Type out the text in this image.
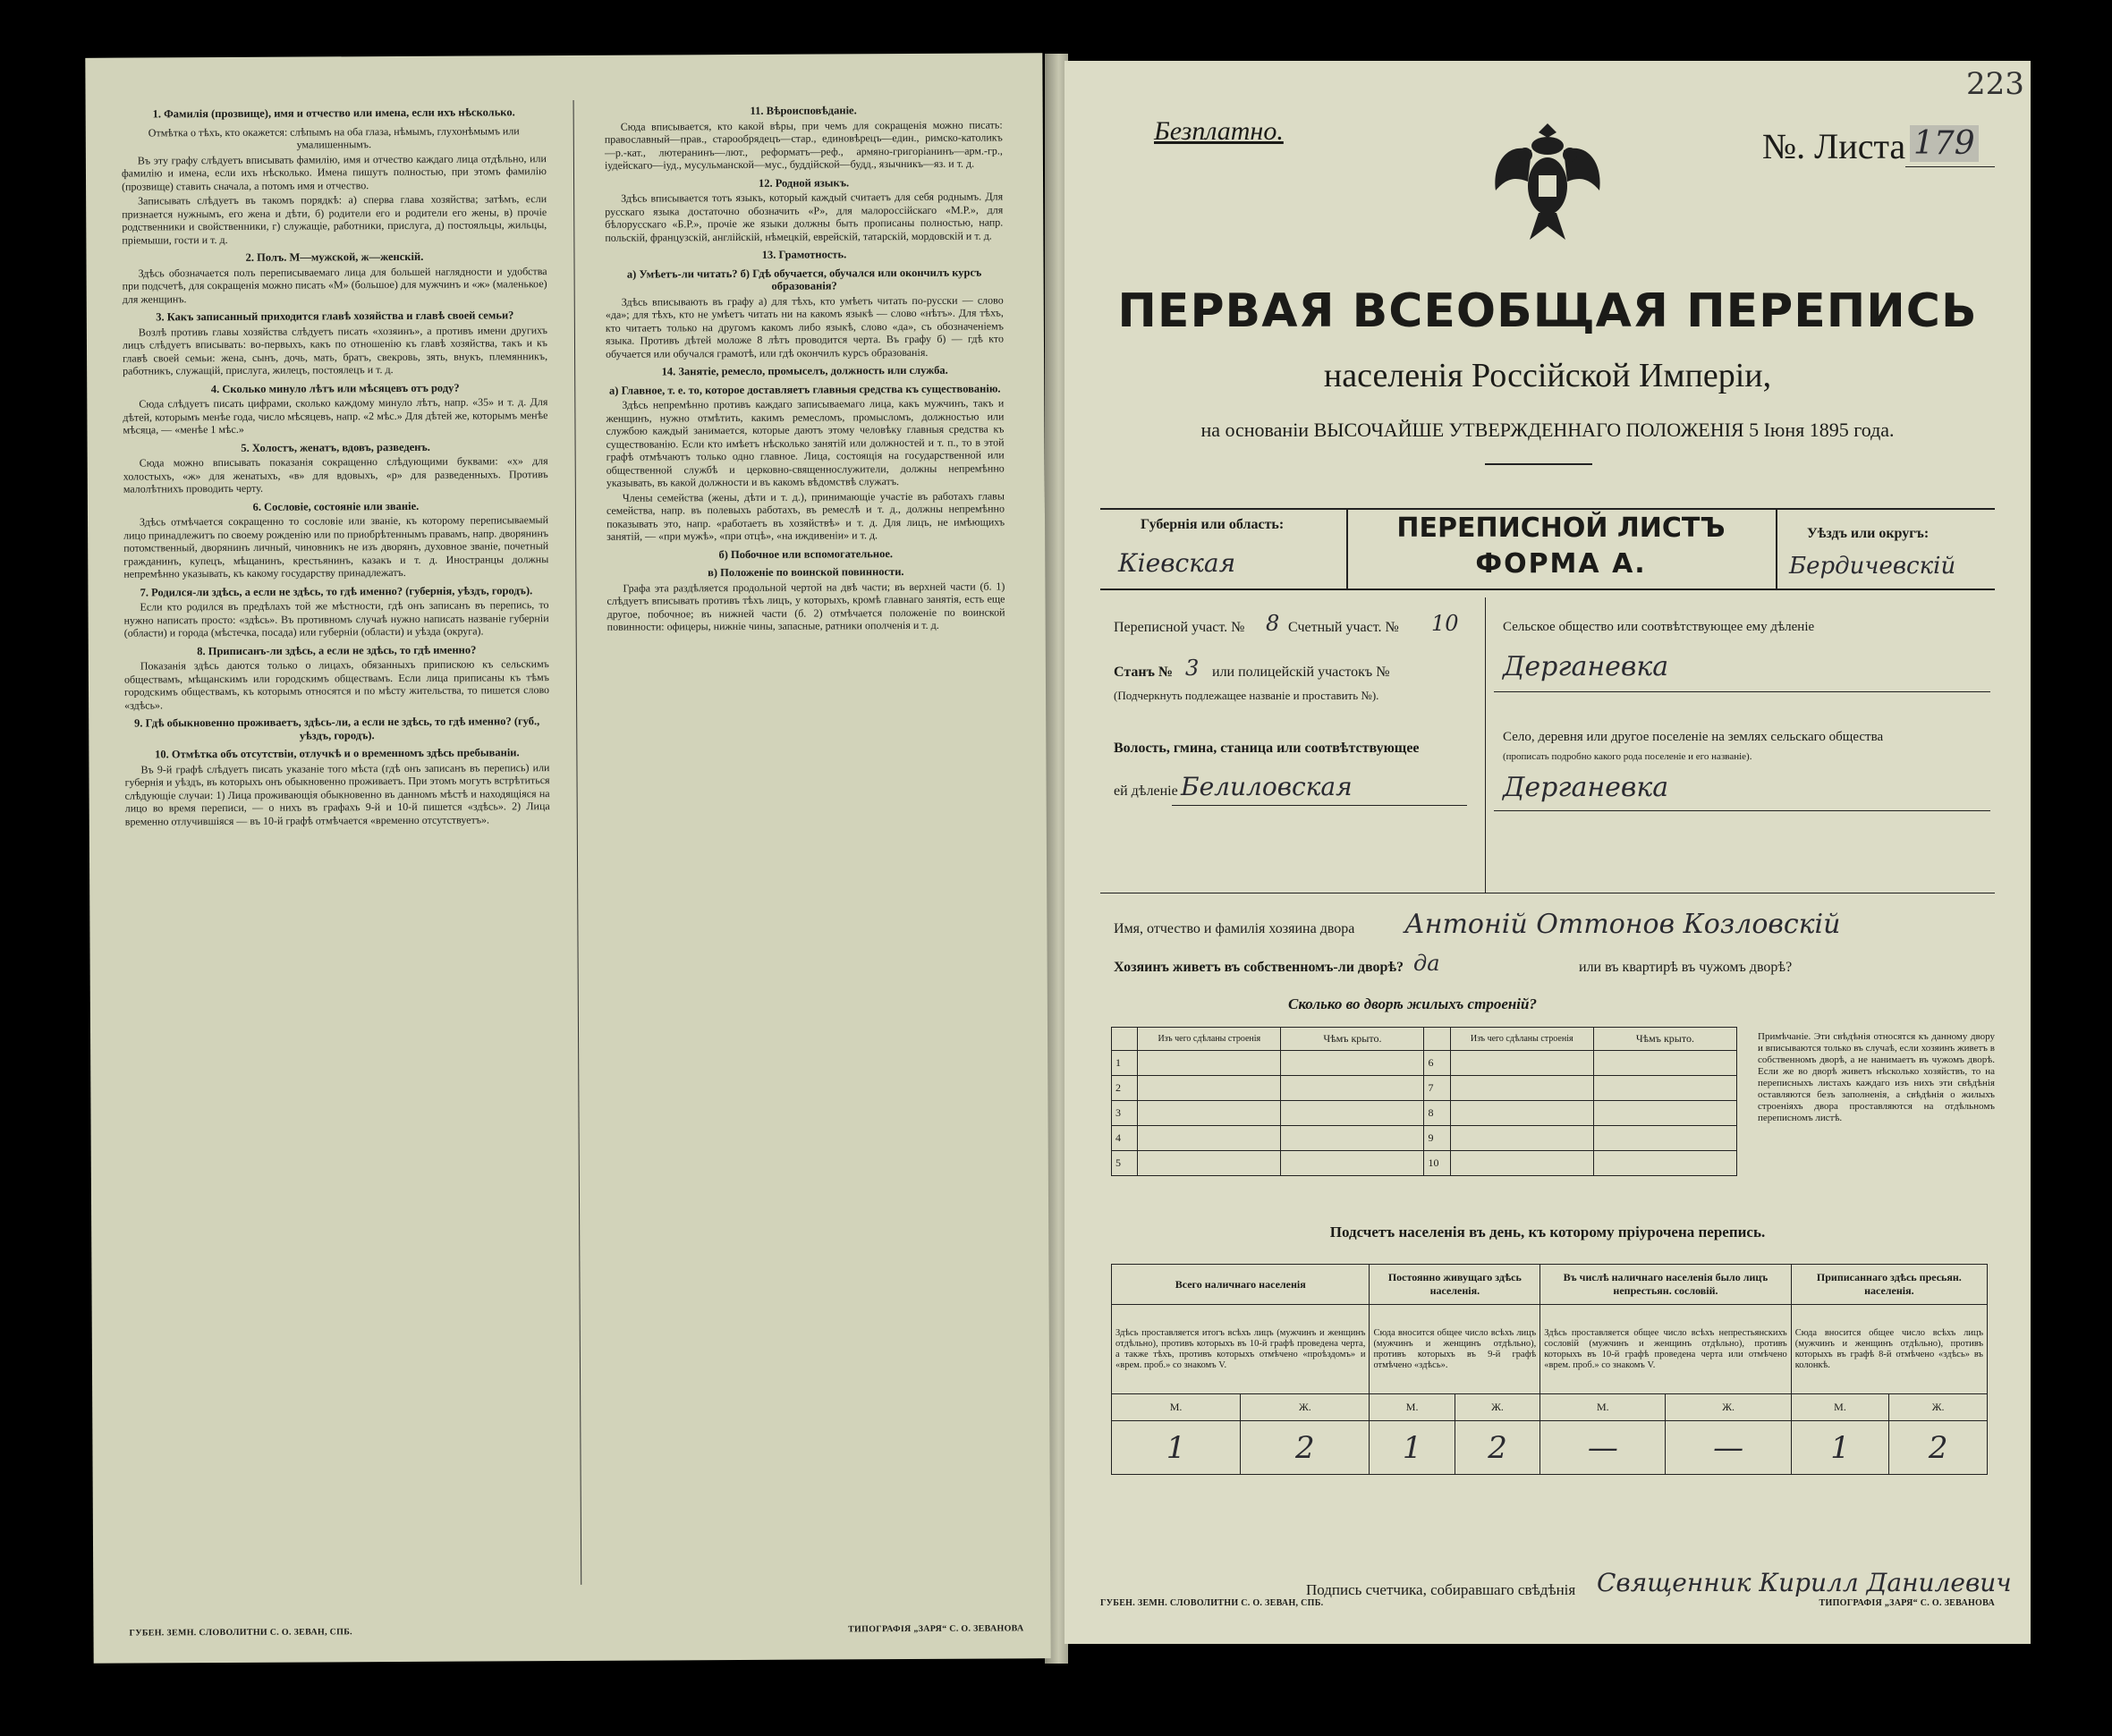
1. Фамилія (прозвище), имя и отчество или имена, если ихъ нѣсколько.
Отмѣтка о тѣхъ, кто окажется: слѣпымъ на оба глаза, нѣмымъ, глухонѣмымъ или умалишеннымъ.

Въ эту графу слѣдуетъ вписывать фамилію, имя и отчество каждаго лица отдѣльно, или фамилію и имена, если ихъ нѣсколько. Имена пишутъ полностью, при этомъ фамилію (прозвище) ставить сначала, а потомъ имя и отчество.

Записывать слѣдуетъ въ такомъ порядкѣ: а) сперва глава хозяйства; затѣмъ, если признается нужнымъ, его жена и дѣти, б) родители его и родители его жены, в) прочіе родственники и свойственники, г) служащіе, работники, прислуга, д) постояльцы, жильцы, пріемыши, гости и т. д.

2. Полъ. М—мужской, ж—женскій.

Здѣсь обозначается полъ переписываемаго лица для большей наглядности и удобства при подсчетѣ, для сокращенія можно писать «М» (большое) для мужчинъ и «ж» (маленькое) для женщинъ.

3. Какъ записанный приходится главѣ хозяйства и главѣ своей семьи?

Возлѣ противъ главы хозяйства слѣдуетъ писать «хозяинъ», а противъ имени другихъ лицъ слѣдуетъ вписывать: во-первыхъ, какъ по отношенію къ главѣ хозяйства, такъ и къ главѣ своей семьи: жена, сынъ, дочь, мать, братъ, свекровь, зять, внукъ, племянникъ, работникъ, служащій, прислуга, жилецъ, постоялецъ и т. д.

4. Сколько минуло лѣтъ или мѣсяцевъ отъ роду?

Сюда слѣдуетъ писать цифрами, сколько каждому минуло лѣтъ, напр. «35» и т. д. Для дѣтей, которымъ менѣе года, число мѣсяцевъ, напр. «2 мѣс.» Для дѣтей же, которымъ менѣе мѣсяца, — «менѣе 1 мѣс.»

5. Холостъ, женатъ, вдовъ, разведенъ.

Сюда можно вписывать показанія сокращенно слѣдующими буквами: «х» для холостыхъ, «ж» для женатыхъ, «в» для вдовыхъ, «р» для разведенныхъ. Противъ малолѣтнихъ проводить черту.

6. Сословіе, состояніе или званіе.

Здѣсь отмѣчается сокращенно то сословіе или званіе, къ которому переписываемый лицо принадлежитъ по своему рожденію или по приобрѣтеннымъ правамъ, напр. дворянинъ потомственный, дворянинъ личный, чиновникъ не изъ дворянъ, духовное званіе, почетный гражданинъ, купецъ, мѣщанинъ, крестьянинъ, казакъ и т. д. Иностранцы должны непремѣнно указывать, къ какому государству принадлежатъ.

7. Родился-ли здѣсь, а если не здѣсь, то гдѣ именно? (губернія, уѣздъ, городъ).

Если кто родился въ предѣлахъ той же мѣстности, гдѣ онъ записанъ въ перепись, то нужно написать просто: «здѣсь». Въ противномъ случаѣ нужно написать названіе губерніи (области) и города (мѣстечка, посада) или губерніи (области) и уѣзда (округа).

8. Приписанъ-ли здѣсь, а если не здѣсь, то гдѣ именно?

Показанія здѣсь даются только о лицахъ, обязанныхъ припискою къ сельскимъ обществамъ, мѣщанскимъ или городскимъ обществамъ. Если лица приписаны къ тѣмъ городскимъ обществамъ, къ которымъ относятся и по мѣсту жительства, то пишется слово «здѣсь».

9. Гдѣ обыкновенно проживаетъ, здѣсь-ли, а если не здѣсь, то гдѣ именно? (губ., уѣздъ, городъ).
10. Отмѣтка объ отсутствіи, отлучкѣ и о временномъ здѣсь пребываніи.

Въ 9-й графѣ слѣдуетъ писать указаніе того мѣста (гдѣ онъ записанъ въ перепись) или губернія и уѣздъ, въ которыхъ онъ обыкновенно проживаетъ. При этомъ могутъ встрѣтиться слѣдующіе случаи: 1) Лица проживающія обыкновенно въ данномъ мѣстѣ и находящіяся на лицо во время переписи, — о нихъ въ графахъ 9-й и 10-й пишется «здѣсь». 2) Лица временно отлучившіяся — въ 10-й графѣ отмѣчается «временно отсутствуетъ».

11. Вѣроисповѣданіе.

Сюда вписывается, кто какой вѣры, при чемъ для сокращенія можно писать: православный—прав., старообрядецъ—стар., единовѣрецъ—един., римско-католикъ—р.-кат., лютеранинъ—лют., реформатъ—реф., армяно-григоріанинъ—арм.-гр., іудейскаго—іуд., мусульманской—мус., буддійской—будд., язычникъ—яз. и т. д.

12. Родной языкъ.

Здѣсь вписывается тотъ языкъ, который каждый считаетъ для себя роднымъ. Для русскаго языка достаточно обозначить «Р», для малороссійскаго «М.Р.», для бѣлорусскаго «Б.Р.», прочіе же языки должны быть прописаны полностью, напр. польскій, французскій, англійскій, нѣмецкій, еврейскій, татарскій, мордовскій и т. д.

13. Грамотность.
а) Умѣетъ-ли читать? б) Гдѣ обучается, обучался или окончилъ курсъ образованія?

Здѣсь вписывають въ графу а) для тѣхъ, кто умѣетъ читать по-русски — слово «да»; для тѣхъ, кто не умѣетъ читать ни на какомъ языкѣ — слово «нѣтъ». Для тѣхъ, кто читаетъ только на другомъ какомъ либо языкѣ, слово «да», съ обозначеніемъ языка. Противъ дѣтей моложе 8 лѣтъ проводится черта. Въ графу б) — гдѣ кто обучается или обучался грамотѣ, или гдѣ окончилъ курсъ образованія.

14. Занятіе, ремесло, промыселъ, должность или служба.
а) Главное, т. е. то, которое доставляетъ главныя средства къ существованію.

Здѣсь непремѣнно противъ каждаго записываемаго лица, какъ мужчинъ, такъ и женщинъ, нужно отмѣтить, какимъ ремесломъ, промысломъ, должностью или службою каждый занимается, которые даютъ этому человѣку главныя средства къ существованію. Если кто имѣетъ нѣсколько занятій или должностей и т. п., то в этой графѣ отмѣчаютъ только одно главное. Лица, состоящія на государственной или общественной службѣ и церковно-священнослужители, должны непремѣнно указывать, въ какой должности и въ какомъ вѣдомствѣ служатъ.

Члены семейства (жены, дѣти и т. д.), принимающіе участіе въ работахъ главы семейства, напр. въ полевыхъ работахъ, въ ремеслѣ и т. д., должны непремѣнно показывать это, напр. «работаетъ въ хозяйствѣ» и т. д. Для лицъ, не имѣющихъ занятій, — «при мужѣ», «при отцѣ», «на иждивеніи» и т. д.

б) Побочное или вспомогательное.
в) Положеніе по воинской повинности.

Графа эта раздѣляется продольной чертой на двѣ части; въ верхней части (б. 1) слѣдуетъ вписывать противъ тѣхъ лицъ, у которыхъ, кромѣ главнаго занятія, есть еще другое, побочное; въ нижней части (б. 2) отмѣчается положеніе по воинской повинности: офицеры, нижніе чины, запасные, ратники ополченія и т. д.

ГУБЕН. ЗЕМН. СЛОВОЛИТНИ С. О. ЗЕВАН, СПБ.	ТИПОГРАФІЯ „ЗАРЯ“ С. О. ЗЕВАНОВА
223
Безплатно.	№. Листа 179
ПЕРВАЯ ВСЕОБЩАЯ ПЕРЕПИСЬ
населенія Россійской Имперіи,
на основаніи ВЫСОЧАЙШЕ УТВЕРЖДЕННАГО ПОЛОЖЕНІЯ 5 Іюня 1895 года.
Губернія или область:
Кіевская
ПЕРЕПИСНОЙ ЛИСТЪ
ФОРМА А.
Уѣздъ или округъ:
Бердичевскій
Переписной участ. № 8 Счетный участ. № 10
Станъ № 3 или полицейскій участокъ №
(Подчеркнуть подлежащее названіе и проставить №).
Волость, гмина, станица или соотвѣтствующее
ей дѣленіе Белиловская
Сельское общество или соотвѣтствующее ему дѣленіе
Дерганевка
Село, деревня или другое поселеніе на землях сельскаго общества
(прописать подробно какого рода поселеніе и его названіе).
Дерганевка
Имя, отчество и фамилія хозяина двора Антоній Оттонов Козловскій
Хозяинъ живетъ въ собственномъ-ли дворѣ? да	или въ квартирѣ въ чужомъ дворѣ?
Сколько во дворѣ жилыхъ строеній?
	Изъ чего сдѣланы строенія	Чѣмъ крыто.		Изъ чего сдѣланы строенія	Чѣмъ крыто.
1			6		
2			7		
3			8		
4			9		
5			10		
Примѣчаніе. Эти свѣдѣнія относятся къ данному двору и вписываются только въ случаѣ, если хозяинъ живетъ в собственномъ дворѣ, а не нанимаетъ въ чужомъ дворѣ. Если же во дворѣ живетъ нѣсколько хозяйствъ, то на переписныхъ листахъ каждаго изъ нихъ эти свѣдѣнія оставляются безъ заполненія, а свѣдѣнія о жилыхъ строеніяхъ двора проставляются на отдѣльномъ переписномъ листѣ.
Подсчетъ населенія въ день, къ которому пріурочена перепись.
Всего наличнаго населенія		Постоянно живущаго здѣсь населенія.		Въ числѣ наличнаго населенія было лицъ непрестьян. сословій.		Приписаннаго здѣсь пресьян. населенія.	
Здѣсь проставляется итогъ всѣхъ лицъ (мужчинъ и женщинъ отдѣльно), противъ которыхъ въ 10-й графѣ проведена черта, а также тѣхъ, противъ которыхъ отмѣчено «проѣздомъ» и «врем. проб.» со знакомъ V.		Сюда вносится общее число всѣхъ лицъ (мужчинъ и женщинъ отдѣльно), противъ которыхъ въ 9-й графѣ отмѣчено «здѣсь».		Здѣсь проставляется общее число всѣхъ непрестьянскихъ сословій (мужчинъ и женщинъ отдѣльно), противъ которыхъ въ 10-й графѣ проведена черта или отмѣчено «врем. проб.» со знакомъ V.		Сюда вносится общее число всѣхъ лицъ (мужчинъ и женщинъ отдѣльно), противъ которыхъ въ графѣ 8-й отмѣчено «здѣсь» въ колонкѣ.	
М.	Ж.	М.	Ж.	М.	Ж.	М.	Ж.
1	2	1	2	—	—	1	2
Подпись счетчика, собиравшаго свѣдѣнія Священник Кирилл Данилевич
ГУБЕН. ЗЕМН. СЛОВОЛИТНИ С. О. ЗЕВАН, СПБ.	ТИПОГРАФІЯ „ЗАРЯ“ С. О. ЗЕВАНОВА
